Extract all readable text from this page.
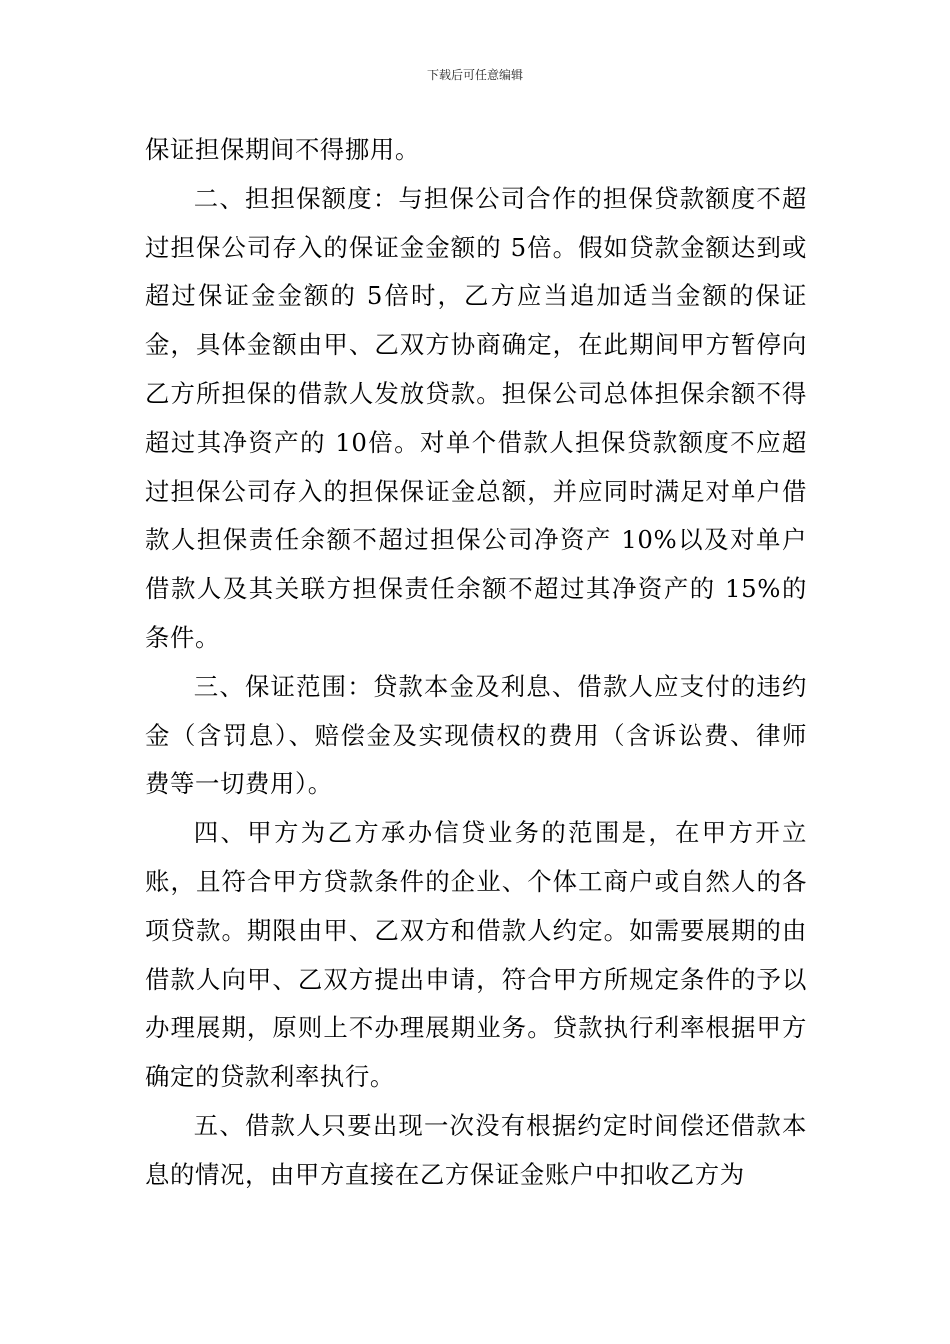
下载后可任意编辑

保证担保期间不得挪用。

二、担担保额度：与担保公司合作的担保贷款额度不超过担保公司存入的保证金金额的 5倍。假如贷款金额达到或超过保证金金额的 5倍时，乙方应当追加适当金额的保证金，具体金额由甲、乙双方协商确定，在此期间甲方暂停向乙方所担保的借款人发放贷款。担保公司总体担保余额不得超过其净资产的 10倍。对单个借款人担保贷款额度不应超过担保公司存入的担保保证金总额，并应同时满足对单户借款人担保责任余额不超过担保公司净资产 10%以及对单户借款人及其关联方担保责任余额不超过其净资产的 15%的条件。

三、保证范围：贷款本金及利息、借款人应支付的违约金（含罚息）、赔偿金及实现债权的费用（含诉讼费、律师费等一切费用）。

四、甲方为乙方承办信贷业务的范围是，在甲方开立账，且符合甲方贷款条件的企业、个体工商户或自然人的各项贷款。期限由甲、乙双方和借款人约定。如需要展期的由借款人向甲、乙双方提出申请，符合甲方所规定条件的予以办理展期，原则上不办理展期业务。贷款执行利率根据甲方确定的贷款利率执行。

五、借款人只要出现一次没有根据约定时间偿还借款本息的情况，由甲方直接在乙方保证金账户中扣收乙方为
